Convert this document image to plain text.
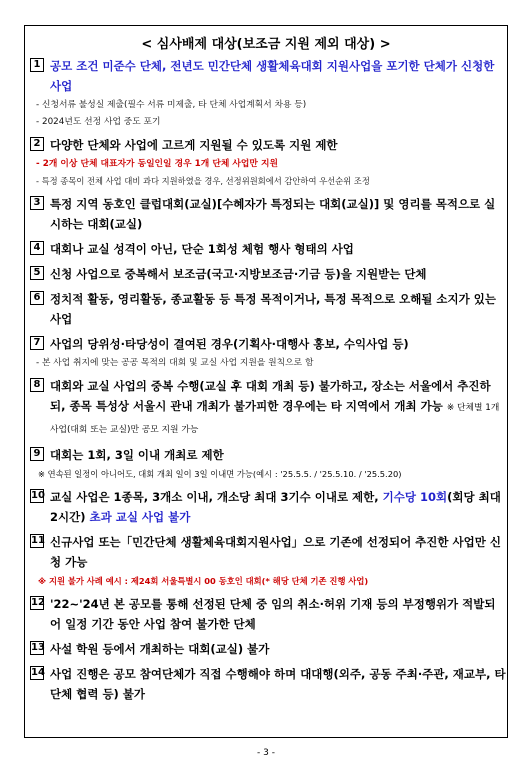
< 심사배제 대상(보조금 지원 제외 대상) >
1 공모 조건 미준수 단체, 전년도 민간단체 생활체육대회 지원사업을 포기한 단체가 신청한 사업
- 신청서류 불성실 제출(필수 서류 미제출, 타 단체 사업계획서 차용 등)
- 2024년도 선정 사업 중도 포기
2 다양한 단체와 사업에 고르게 지원될 수 있도록 지원 제한
- 2개 이상 단체 대표자가 동일인일 경우 1개 단체 사업만 지원
- 특정 종목이 전체 사업 대비 과다 지원하였을 경우, 선정위원회에서 감안하여 우선순위 조정
3 특정 지역 동호인 클럽대회(교실)[수혜자가 특정되는 대회(교실)] 및 영리를 목적으로 실시하는 대회(교실)
4 대회나 교실 성격이 아닌, 단순 1회성 체험 행사 형태의 사업
5 신청 사업으로 중복해서 보조금(국고·지방보조금·기금 등)을 지원받는 단체
6 정치적 활동, 영리활동, 종교활동 등 특정 목적이거나, 특정 목적으로 오해될 소지가 있는 사업
7 사업의 당위성·타당성이 결여된 경우(기획사·대행사 홍보, 수익사업 등)
- 본 사업 취지에 맞는 공공 목적의 대회 및 교실 사업 지원을 원칙으로 함
8 대회와 교실 사업의 중복 수행(교실 후 대회 개최 등) 불가하고, 장소는 서울에서 추진하되, 종목 특성상 서울시 관내 개최가 불가피한 경우에는 타 지역에서 개최 가능 ※ 단체별 1개 사업(대회 또는 교실)만 공모 지원 가능
9 대회는 1회, 3일 이내 개최로 제한
※ 연속된 일정이 아니어도, 대회 개최 일이 3일 이내면 가능(예시 : '25.5.5. / '25.5.10. / '25.5.20)
10 교실 사업은 1종목, 3개소 이내, 개소당 최대 3기수 이내로 제한, 기수당 10회(회당 최대 2시간) 초과 교실 사업 불가
11 신규사업 또는「민간단체 생활체육대회지원사업」으로 기존에 선정되어 추진한 사업만 신청 가능
※ 지원 불가 사례 예시 : 제24회 서울특별시 00 동호인 대회(* 해당 단체 기존 진행 사업)
12 '22~'24년 본 공모를 통해 선정된 단체 중 임의 취소·허위 기재 등의 부정행위가 적발되어 일정 기간 동안 사업 참여 불가한 단체
13 사설 학원 등에서 개최하는 대회(교실) 불가
14 사업 진행은 공모 참여단체가 직접 수행해야 하며 대대행(외주, 공동 주최·주관, 재교부, 타 단체 협력 등) 불가
- 3 -
